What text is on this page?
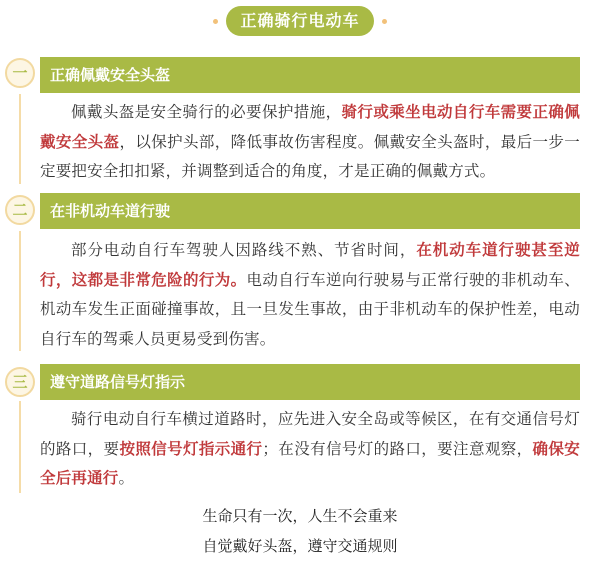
正确骑行电动车
一	正确佩戴安全头盔
佩戴头盔是安全骑行的必要保护措施，骑行或乘坐电动自行车需要正确佩戴安全头盔，以保护头部，降低事故伤害程度。佩戴安全头盔时，最后一步一定要把安全扣扣紧，并调整到适合的角度，才是正确的佩戴方式。
二	在非机动车道行驶
部分电动自行车驾驶人因路线不熟、节省时间，在机动车道行驶甚至逆行，这都是非常危险的行为。电动自行车逆向行驶易与正常行驶的非机动车、机动车发生正面碰撞事故，且一旦发生事故，由于非机动车的保护性差，电动自行车的驾乘人员更易受到伤害。
三	遵守道路信号灯指示
骑行电动自行车横过道路时，应先进入安全岛或等候区，在有交通信号灯的路口，要按照信号灯指示通行；在没有信号灯的路口，要注意观察，确保安全后再通行。
生命只有一次，人生不会重来
自觉戴好头盔，遵守交通规则
